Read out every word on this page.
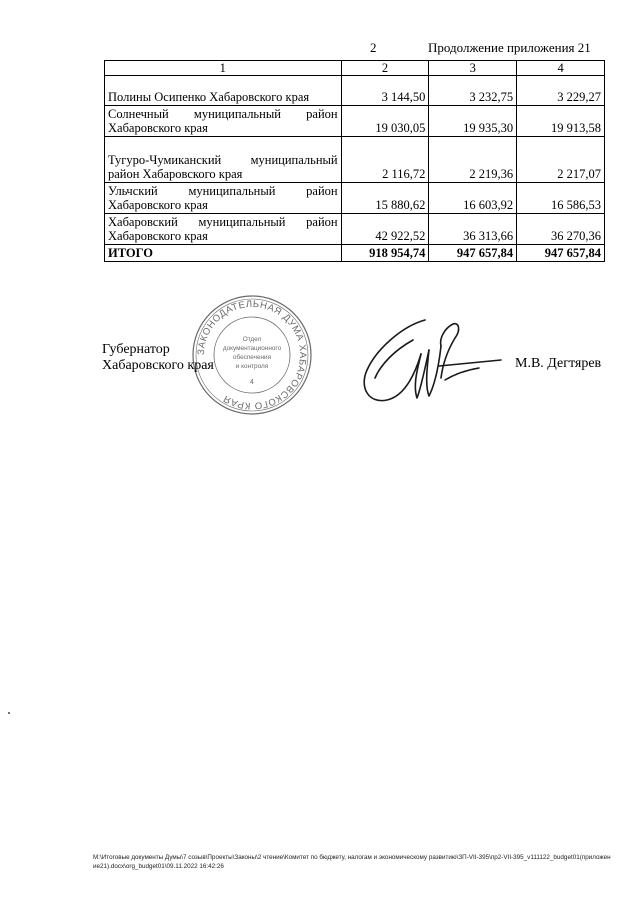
2	Продолжение приложения 21
1	2	3	4
Полины Осипенко Хабаровского края	3 144,50	3 232,75	3 229,27
Солнечный муниципальный район Хабаровского края	19 030,05	19 935,30	19 913,58
Тугуро-Чумиканский муниципальный район Хабаровского края	2 116,72	2 219,36	2 217,07
Ульчский муниципальный район Хабаровского края	15 880,62	16 603,92	16 586,53
Хабаровский муниципальный район Хабаровского края	42 922,52	36 313,66	36 270,36
ИТОГО	918 954,74	947 657,84	947 657,84
ЗАКОНОДАТЕЛЬНАЯ ДУМА ХАБАРОВСКОГО КРАЯ
Отдел
документационного
обеспечения
и контроля
4
Губернатор
Хабаровского края	М.В. Дегтярев
M:\Итоговые документы Думы\7 созыв\Проекты\Законы\2 чтение\Комитет по бюджету, налогам и экономическому развитию\ЗП-VII-395\пр2-VII-395_v111122_budget01(приложение21).docx\org_budget01\09.11.2022 16:42:26
